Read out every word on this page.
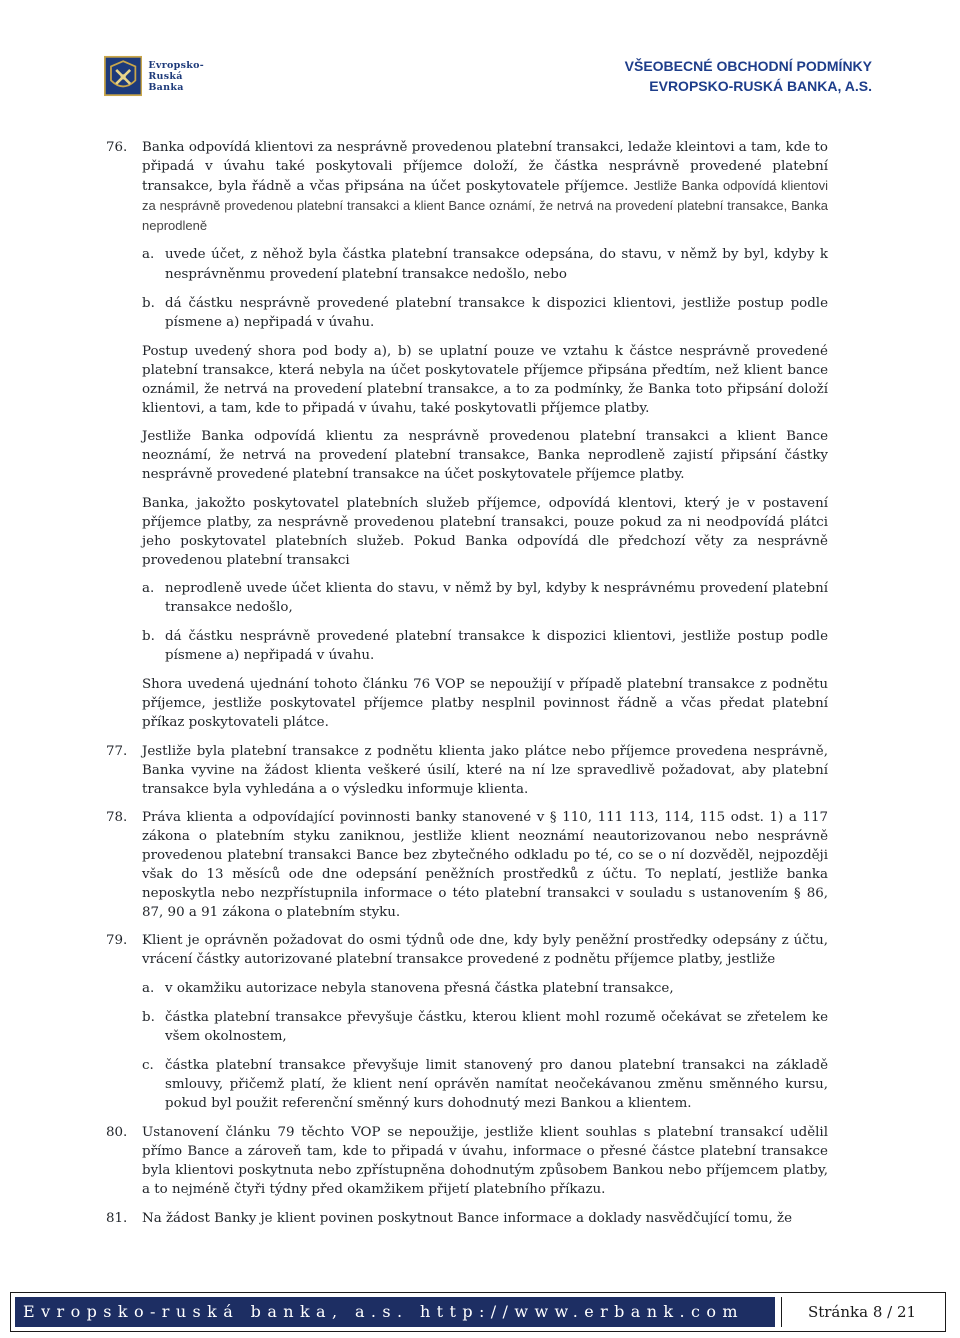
Evropsko-
Ruská
Banka
VŠEOBECNÉ OBCHODNÍ PODMÍNKY
EVROPSKO-RUSKÁ BANKA, A.S.
76. Banka odpovídá klientovi za nesprávně provedenou platební transakci, ledaže kleintovi a tam, kde to připadá v úvahu také poskytovali příjemce doloží, že částka nesprávně provedené platební transakce, byla řádně a včas připsána na účet poskytovatele příjemce. Jestliže Banka odpovídá klientovi za nesprávně provedenou platební transakci a klient Bance oznámí, že netrvá na provedení platební transakce, Banka neprodleně
a. uvede účet, z něhož byla částka platební transakce odepsána, do stavu, v němž by byl, kdyby k nesprávněnmu provedení platební transakce nedošlo, nebo
b. dá částku nesprávně provedené platební transakce k dispozici klientovi, jestliže postup podle písmene a) nepřipadá v úvahu.

Postup uvedený shora pod body a), b) se uplatní pouze ve vztahu k částce nesprávně provedené platební transakce, která nebyla na účet poskytovatele příjemce připsána předtím, než klient bance oznámil, že netrvá na provedení platební transakce, a to za podmínky, že Banka toto připsání doloží klientovi, a tam, kde to připadá v úvahu, také poskytovatli příjemce platby.

Jestliže Banka odpovídá klientu za nesprávně provedenou platební transakci a klient Bance neoznámí, že netrvá na provedení platební transakce, Banka neprodleně zajistí připsání částky nesprávně provedené platební transakce na účet poskytovatele příjemce platby.

Banka, jakožto poskytovatel platebních služeb příjemce, odpovídá klentovi, který je v postavení příjemce platby, za nesprávně provedenou platební transakci, pouze pokud za ni neodpovídá plátci jeho poskytovatel platebních služeb. Pokud Banka odpovídá dle předchozí věty za nesprávně provedenou platební transakci

a. neprodleně uvede účet klienta do stavu, v němž by byl, kdyby k nesprávnému provedení platební transakce nedošlo,
b. dá částku nesprávně provedené platební transakce k dispozici klientovi, jestliže postup podle písmene a) nepřipadá v úvahu.

Shora uvedená ujednání tohoto článku 76 VOP se nepoužijí v případě platební transakce z podnětu příjemce, jestliže poskytovatel příjemce platby nesplnil povinnost řádně a včas předat platební příkaz poskytovateli plátce.

77. Jestliže byla platební transakce z podnětu klienta jako plátce nebo příjemce provedena nesprávně, Banka vyvine na žádost klienta veškeré úsilí, které na ní lze spravedlivě požadovat, aby platební transakce byla vyhledána a o výsledku informuje klienta.
78. Práva klienta a odpovídající povinnosti banky stanovené v § 110, 111 113, 114, 115 odst. 1) a 117 zákona o platebním styku zaniknou, jestliže klient neoznámí neautorizovanou nebo nesprávně provedenou platební transakci Bance bez zbytečného odkladu po té, co se o ní dozvěděl, nejpozději však do 13 měsíců ode dne odepsání peněžních prostředků z účtu. To neplatí, jestliže banka neposkytla nebo nezpřístupnila informace o této platební transakci v souladu s ustanovením § 86, 87, 90 a 91 zákona o platebním styku.
79. Klient je oprávněn požadovat do osmi týdnů ode dne, kdy byly peněžní prostředky odepsány z účtu, vrácení částky autorizované platební transakce provedené z podnětu příjemce platby, jestliže
a. v okamžiku autorizace nebyla stanovena přesná částka platební transakce,
b. částka platební transakce převyšuje částku, kterou klient mohl rozumě očekávat se zřetelem ke všem okolnostem,
c. částka platební transakce převyšuje limit stanovený pro danou platební transakci na základě smlouvy, přičemž platí, že klient není oprávěn namítat neočekávanou změnu směnného kursu, pokud byl použit referenční směnný kurs dohodnutý mezi Bankou a klientem.
80. Ustanovení článku 79 těchto VOP se nepoužije, jestliže klient souhlas s platební transakcí udělil přímo Bance a zároveň tam, kde to připadá v úvahu, informace o přesné částce platební transakce byla klientovi poskytnuta nebo zpřístupněna dohodnutým způsobem Bankou nebo příjemcem platby, a to nejméně čtyři týdny před okamžikem přijetí platebního příkazu.
81. Na žádost Banky je klient povinen poskytnout Bance informace a doklady nasvědčující tomu, že
Evropsko-ruská banka, a.s. http://www.erbank.com	Stránka 8 / 21
